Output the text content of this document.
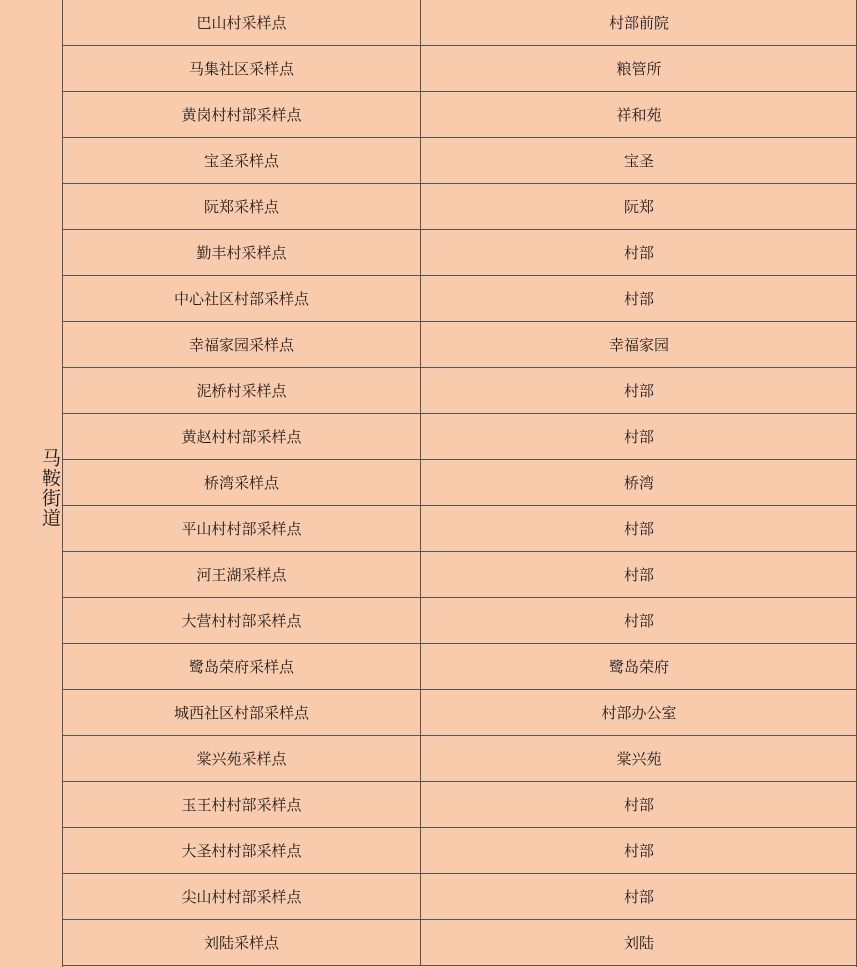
马鞍街道
巴山村采样点	村部前院
马集社区采样点	粮管所
黄岗村村部采样点	祥和苑
宝圣采样点	宝圣
阮郑采样点	阮郑
勤丰村采样点	村部
中心社区村部采样点	村部
幸福家园采样点	幸福家园
泥桥村采样点	村部
黄赵村村部采样点	村部
桥湾采样点	桥湾
平山村村部采样点	村部
河王湖采样点	村部
大营村村部采样点	村部
鹭岛荣府采样点	鹭岛荣府
城西社区村部采样点	村部办公室
棠兴苑采样点	棠兴苑
玉王村村部采样点	村部
大圣村村部采样点	村部
尖山村村部采样点	村部
刘陆采样点	刘陆
